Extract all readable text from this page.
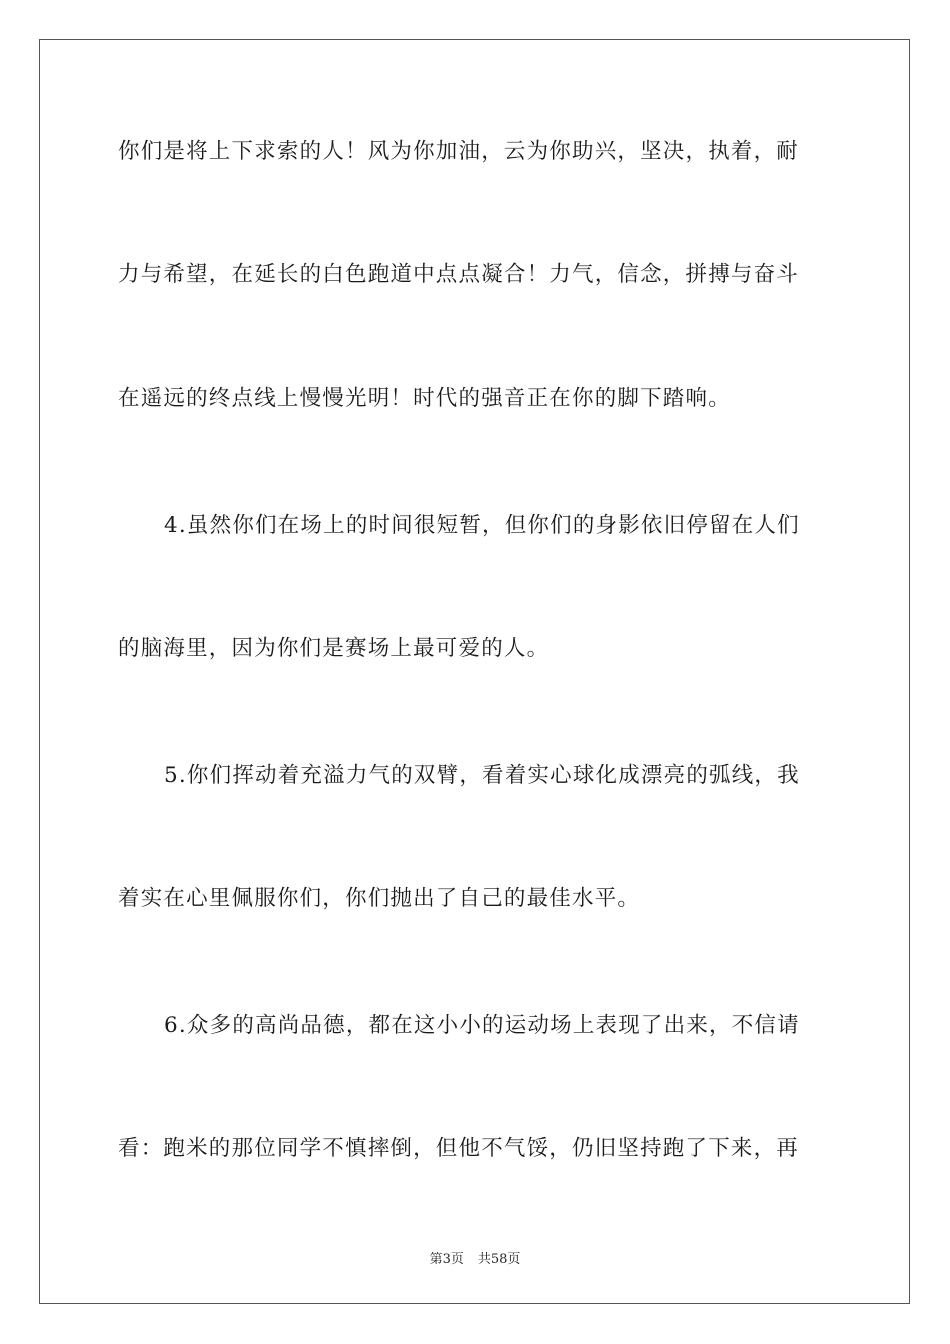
你们是将上下求索的人！风为你加油，云为你助兴，坚决，执着，耐
力与希望，在延长的白色跑道中点点凝合！力气，信念，拼搏与奋斗
在遥远的终点线上慢慢光明！时代的强音正在你的脚下踏响。
4.虽然你们在场上的时间很短暂，但你们的身影依旧停留在人们
的脑海里，因为你们是赛场上最可爱的人。
5.你们挥动着充溢力气的双臂，看着实心球化成漂亮的弧线，我
着实在心里佩服你们，你们抛出了自己的最佳水平。
6.众多的高尚品德，都在这小小的运动场上表现了出来，不信请
看：跑米的那位同学不慎摔倒，但他不气馁，仍旧坚持跑了下来，再
第3页 共58页
